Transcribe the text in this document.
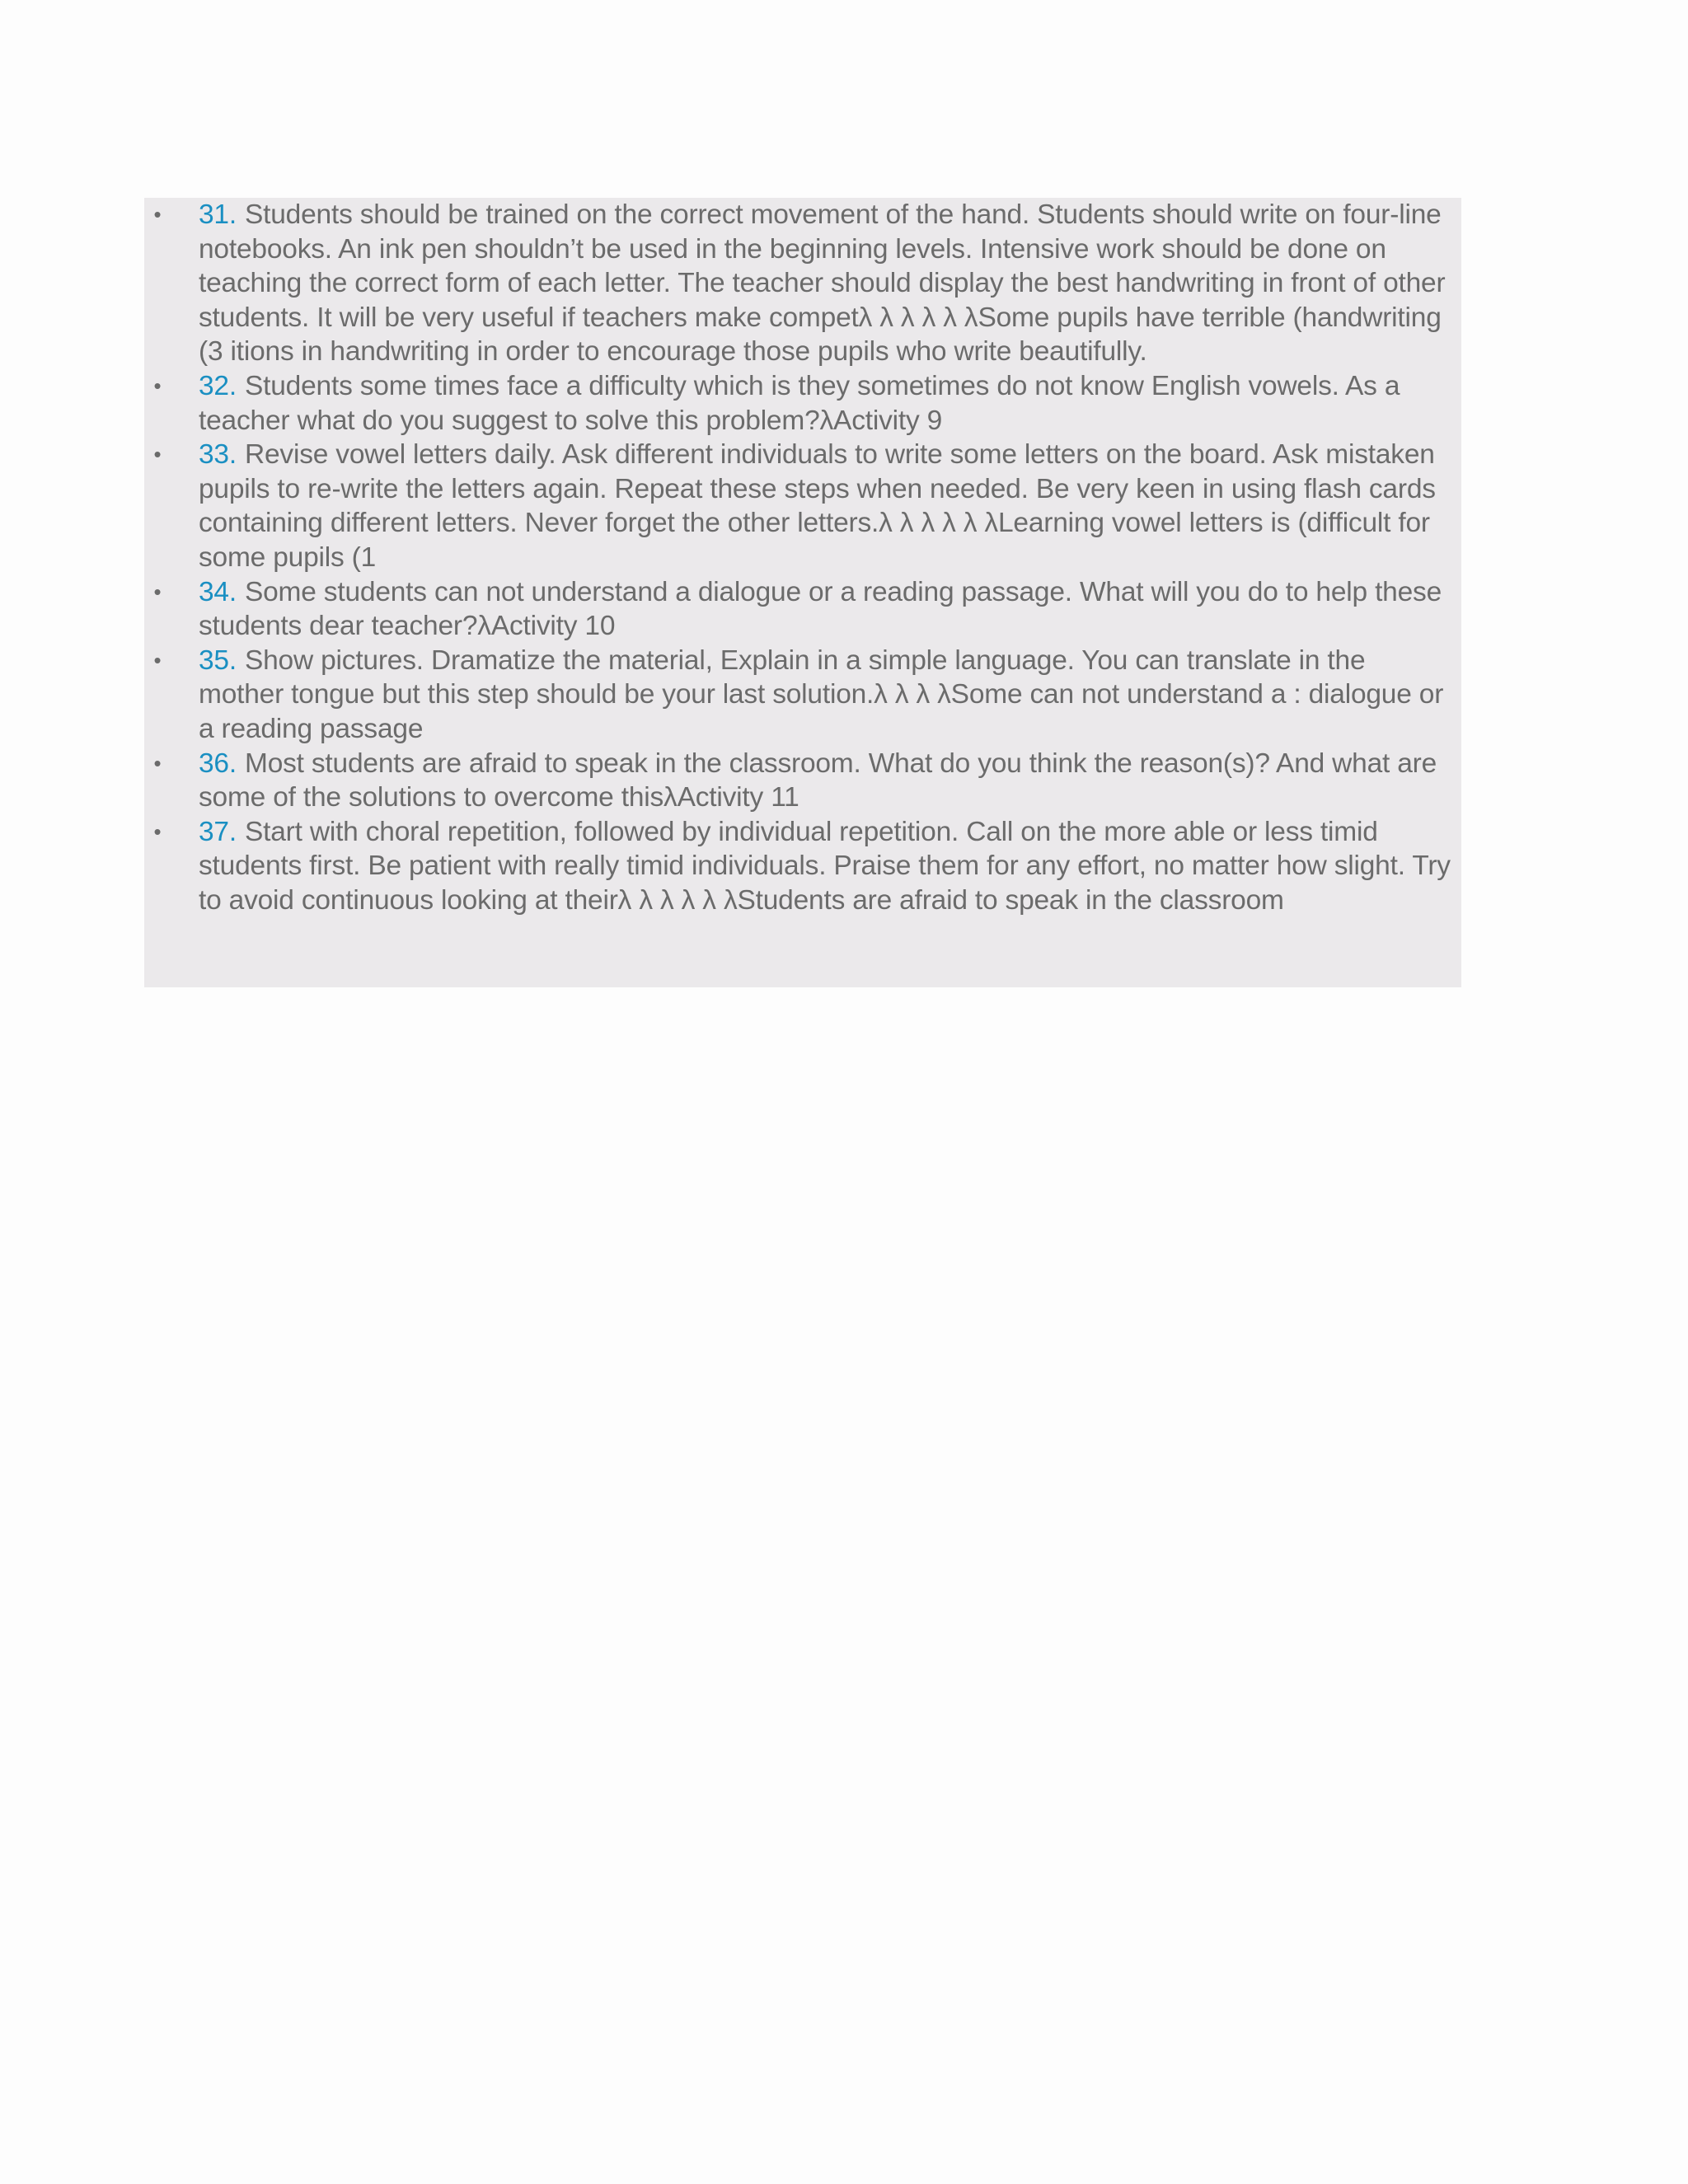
• 31. Students should be trained on the correct movement of the hand. Students should write on four-line notebooks. An ink pen shouldn’t be used in the beginning levels. Intensive work should be done on teaching the correct form of each letter. The teacher should display the best handwriting in front of other students. It will be very useful if teachers make competλ λ λ λ λ λSome pupils have terrible (handwriting (3 itions in handwriting in order to encourage those pupils who write beautifully.
• 32. Students some times face a difficulty which is they sometimes do not know English vowels. As a teacher what do you suggest to solve this problem?λActivity 9
• 33. Revise vowel letters daily. Ask different individuals to write some letters on the board. Ask mistaken pupils to re-write the letters again. Repeat these steps when needed. Be very keen in using flash cards containing different letters. Never forget the other letters.λ λ λ λ λ λLearning vowel letters is (difficult for some pupils (1
• 34. Some students can not understand a dialogue or a reading passage. What will you do to help these students dear teacher?λActivity 10
• 35. Show pictures. Dramatize the material, Explain in a simple language. You can translate in the mother tongue but this step should be your last solution.λ λ λ λSome can not understand a : dialogue or a reading passage
• 36. Most students are afraid to speak in the classroom. What do you think the reason(s)? And what are some of the solutions to overcome thisλActivity 11
• 37. Start with choral repetition, followed by individual repetition. Call on the more able or less timid students first. Be patient with really timid individuals. Praise them for any effort, no matter how slight. Try to avoid continuous looking at theirλ λ λ λ λ λStudents are afraid to speak in the classroom
